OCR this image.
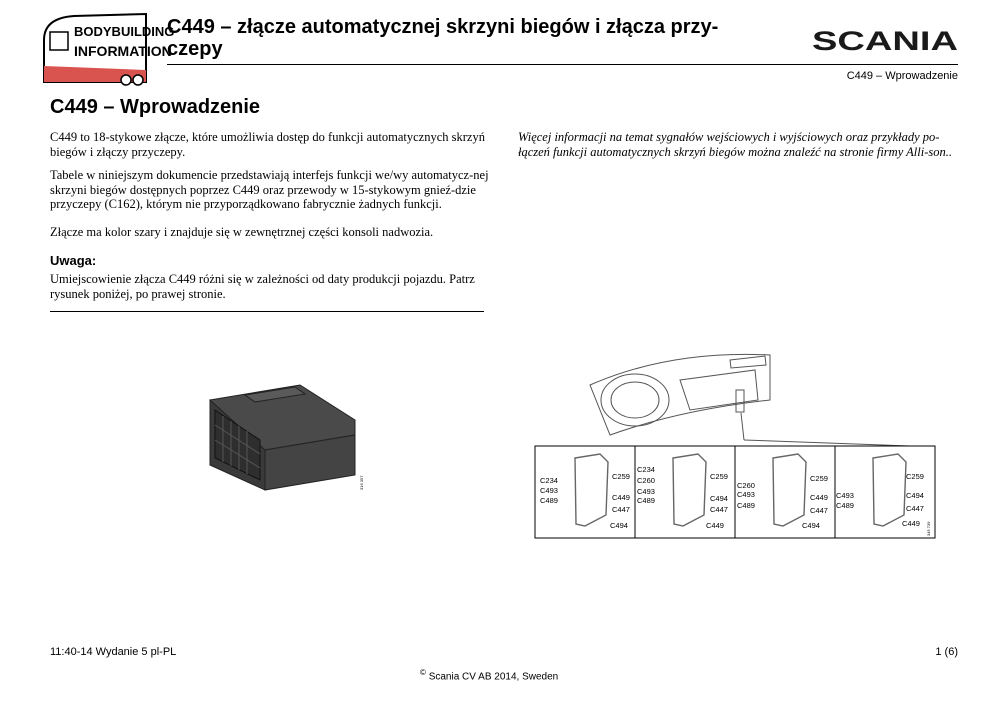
BODYBUILDING
INFORMATION
C449 – złącze automatycznej skrzyni biegów i złącza przy-czepy	SCANIA
C449 – Wprowadzenie
C449 – Wprowadzenie
C449 to 18-stykowe złącze, które umożliwia dostęp do funkcji automatycznych skrzyń biegów i złączy przyczepy.
Tabele w niniejszym dokumencie przedstawiają interfejs funkcji we/wy automatycz-nej skrzyni biegów dostępnych poprzez C449 oraz przewody w 15-stykowym gnieź-dzie przyczepy (C162), którym nie przyporządkowano fabrycznie żadnych funkcji.
Złącze ma kolor szary i znajduje się w zewnętrznej części konsoli nadwozia.
Uwaga:
Umiejscowienie złącza C449 różni się w zależności od daty produkcji pojazdu. Patrz rysunek poniżej, po prawej stronie.
Więcej informacji na temat sygnałów wejściowych i wyjściowych oraz przykłady po-łączeń funkcji automatycznych skrzyń biegów można znaleźć na stronie firmy Alli-son..
316 357	C234
C493
C489
C259
C449
C447
C494
C234
C260
C493
C489
C259
C494
C447
C449
C260
C493
C489
C259
C449
C447
C494
C493
C489
C259
C494
C447
C449 345 739
11:40-14 Wydanie 5 pl-PL	1 (6)
© Scania CV AB 2014, Sweden
